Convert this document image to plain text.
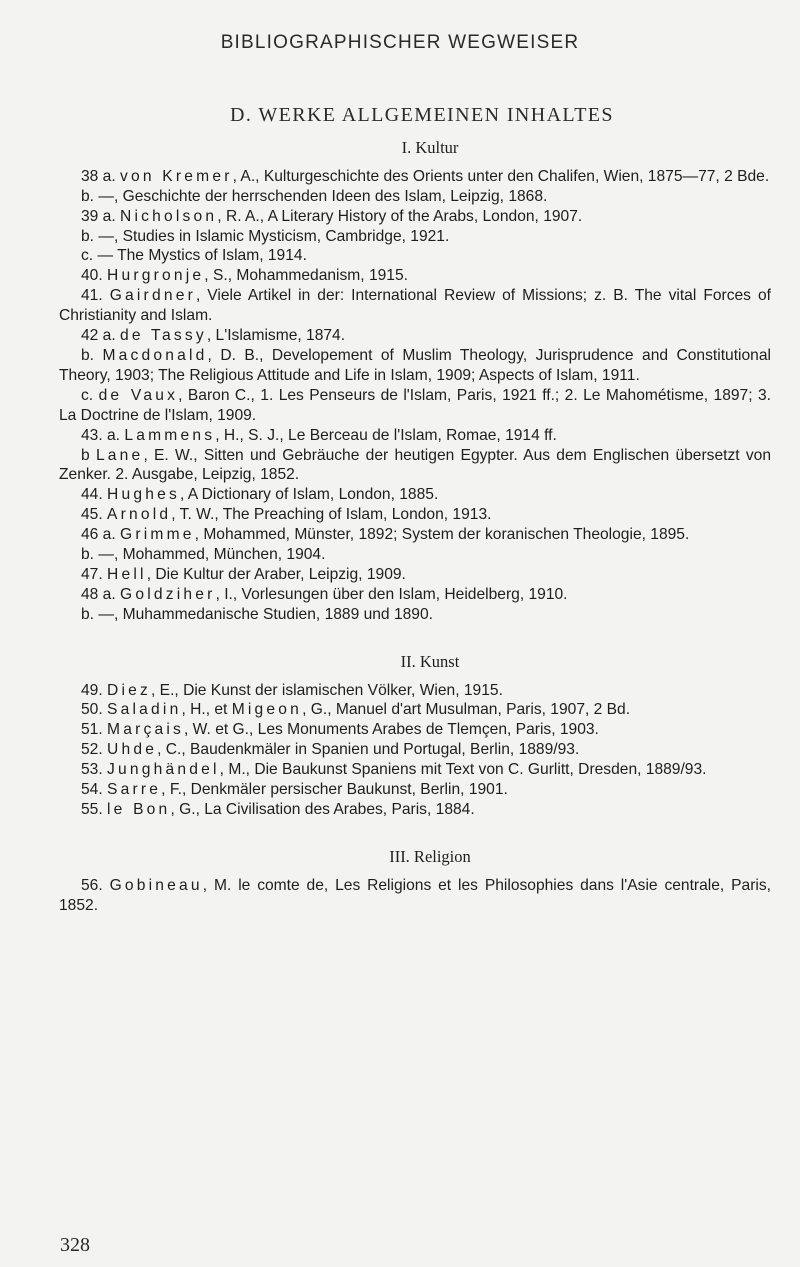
BIBLIOGRAPHISCHER WEGWEISER
D. WERKE ALLGEMEINEN INHALTES
I. Kultur

38 a. von Kremer, A., Kulturgeschichte des Orients unter den Chalifen, Wien, 1875—77, 2 Bde.

b. —, Geschichte der herrschenden Ideen des Islam, Leipzig, 1868.

39 a. Nicholson, R. A., A Literary History of the Arabs, London, 1907.

b. —, Studies in Islamic Mysticism, Cambridge, 1921.

c. — The Mystics of Islam, 1914.

40. Hurgronje, S., Mohammedanism, 1915.

41. Gairdner, Viele Artikel in der: International Review of Missions; z. B. The vital Forces of Christianity and Islam.

42 a. de Tassy, L'Islamisme, 1874.

b. Macdonald, D. B., Developement of Muslim Theology, Jurisprudence and Constitutional Theory, 1903; The Religious Attitude and Life in Islam, 1909; Aspects of Islam, 1911.

c. de Vaux, Baron C., 1. Les Penseurs de l'Islam, Paris, 1921 ff.; 2. Le Mahométisme, 1897; 3. La Doctrine de l'Islam, 1909.

43. a. Lammens, H., S. J., Le Berceau de l'Islam, Romae, 1914 ff.

b Lane, E. W., Sitten und Gebräuche der heutigen Egypter. Aus dem Englischen übersetzt von Zenker. 2. Ausgabe, Leipzig, 1852.

44. Hughes, A Dictionary of Islam, London, 1885.

45. Arnold, T. W., The Preaching of Islam, London, 1913.

46 a. Grimme, Mohammed, Münster, 1892; System der koranischen Theologie, 1895.

b. —, Mohammed, München, 1904.

47. Hell, Die Kultur der Araber, Leipzig, 1909.

48 a. Goldziher, I., Vorlesungen über den Islam, Heidelberg, 1910.

b. —, Muhammedanische Studien, 1889 und 1890.

II. Kunst

49. Diez, E., Die Kunst der islamischen Völker, Wien, 1915.

50. Saladin, H., et Migeon, G., Manuel d'art Musulman, Paris, 1907, 2 Bd.

51. Marçais, W. et G., Les Monuments Arabes de Tlemçen, Paris, 1903.

52. Uhde, C., Baudenkmäler in Spanien und Portugal, Berlin, 1889/93.

53. Junghändel, M., Die Baukunst Spaniens mit Text von C. Gurlitt, Dresden, 1889/93.

54. Sarre, F., Denkmäler persischer Baukunst, Berlin, 1901.

55. le Bon, G., La Civilisation des Arabes, Paris, 1884.

III. Religion

56. Gobineau, M. le comte de, Les Religions et les Philosophies dans l'Asie centrale, Paris, 1852.

328
